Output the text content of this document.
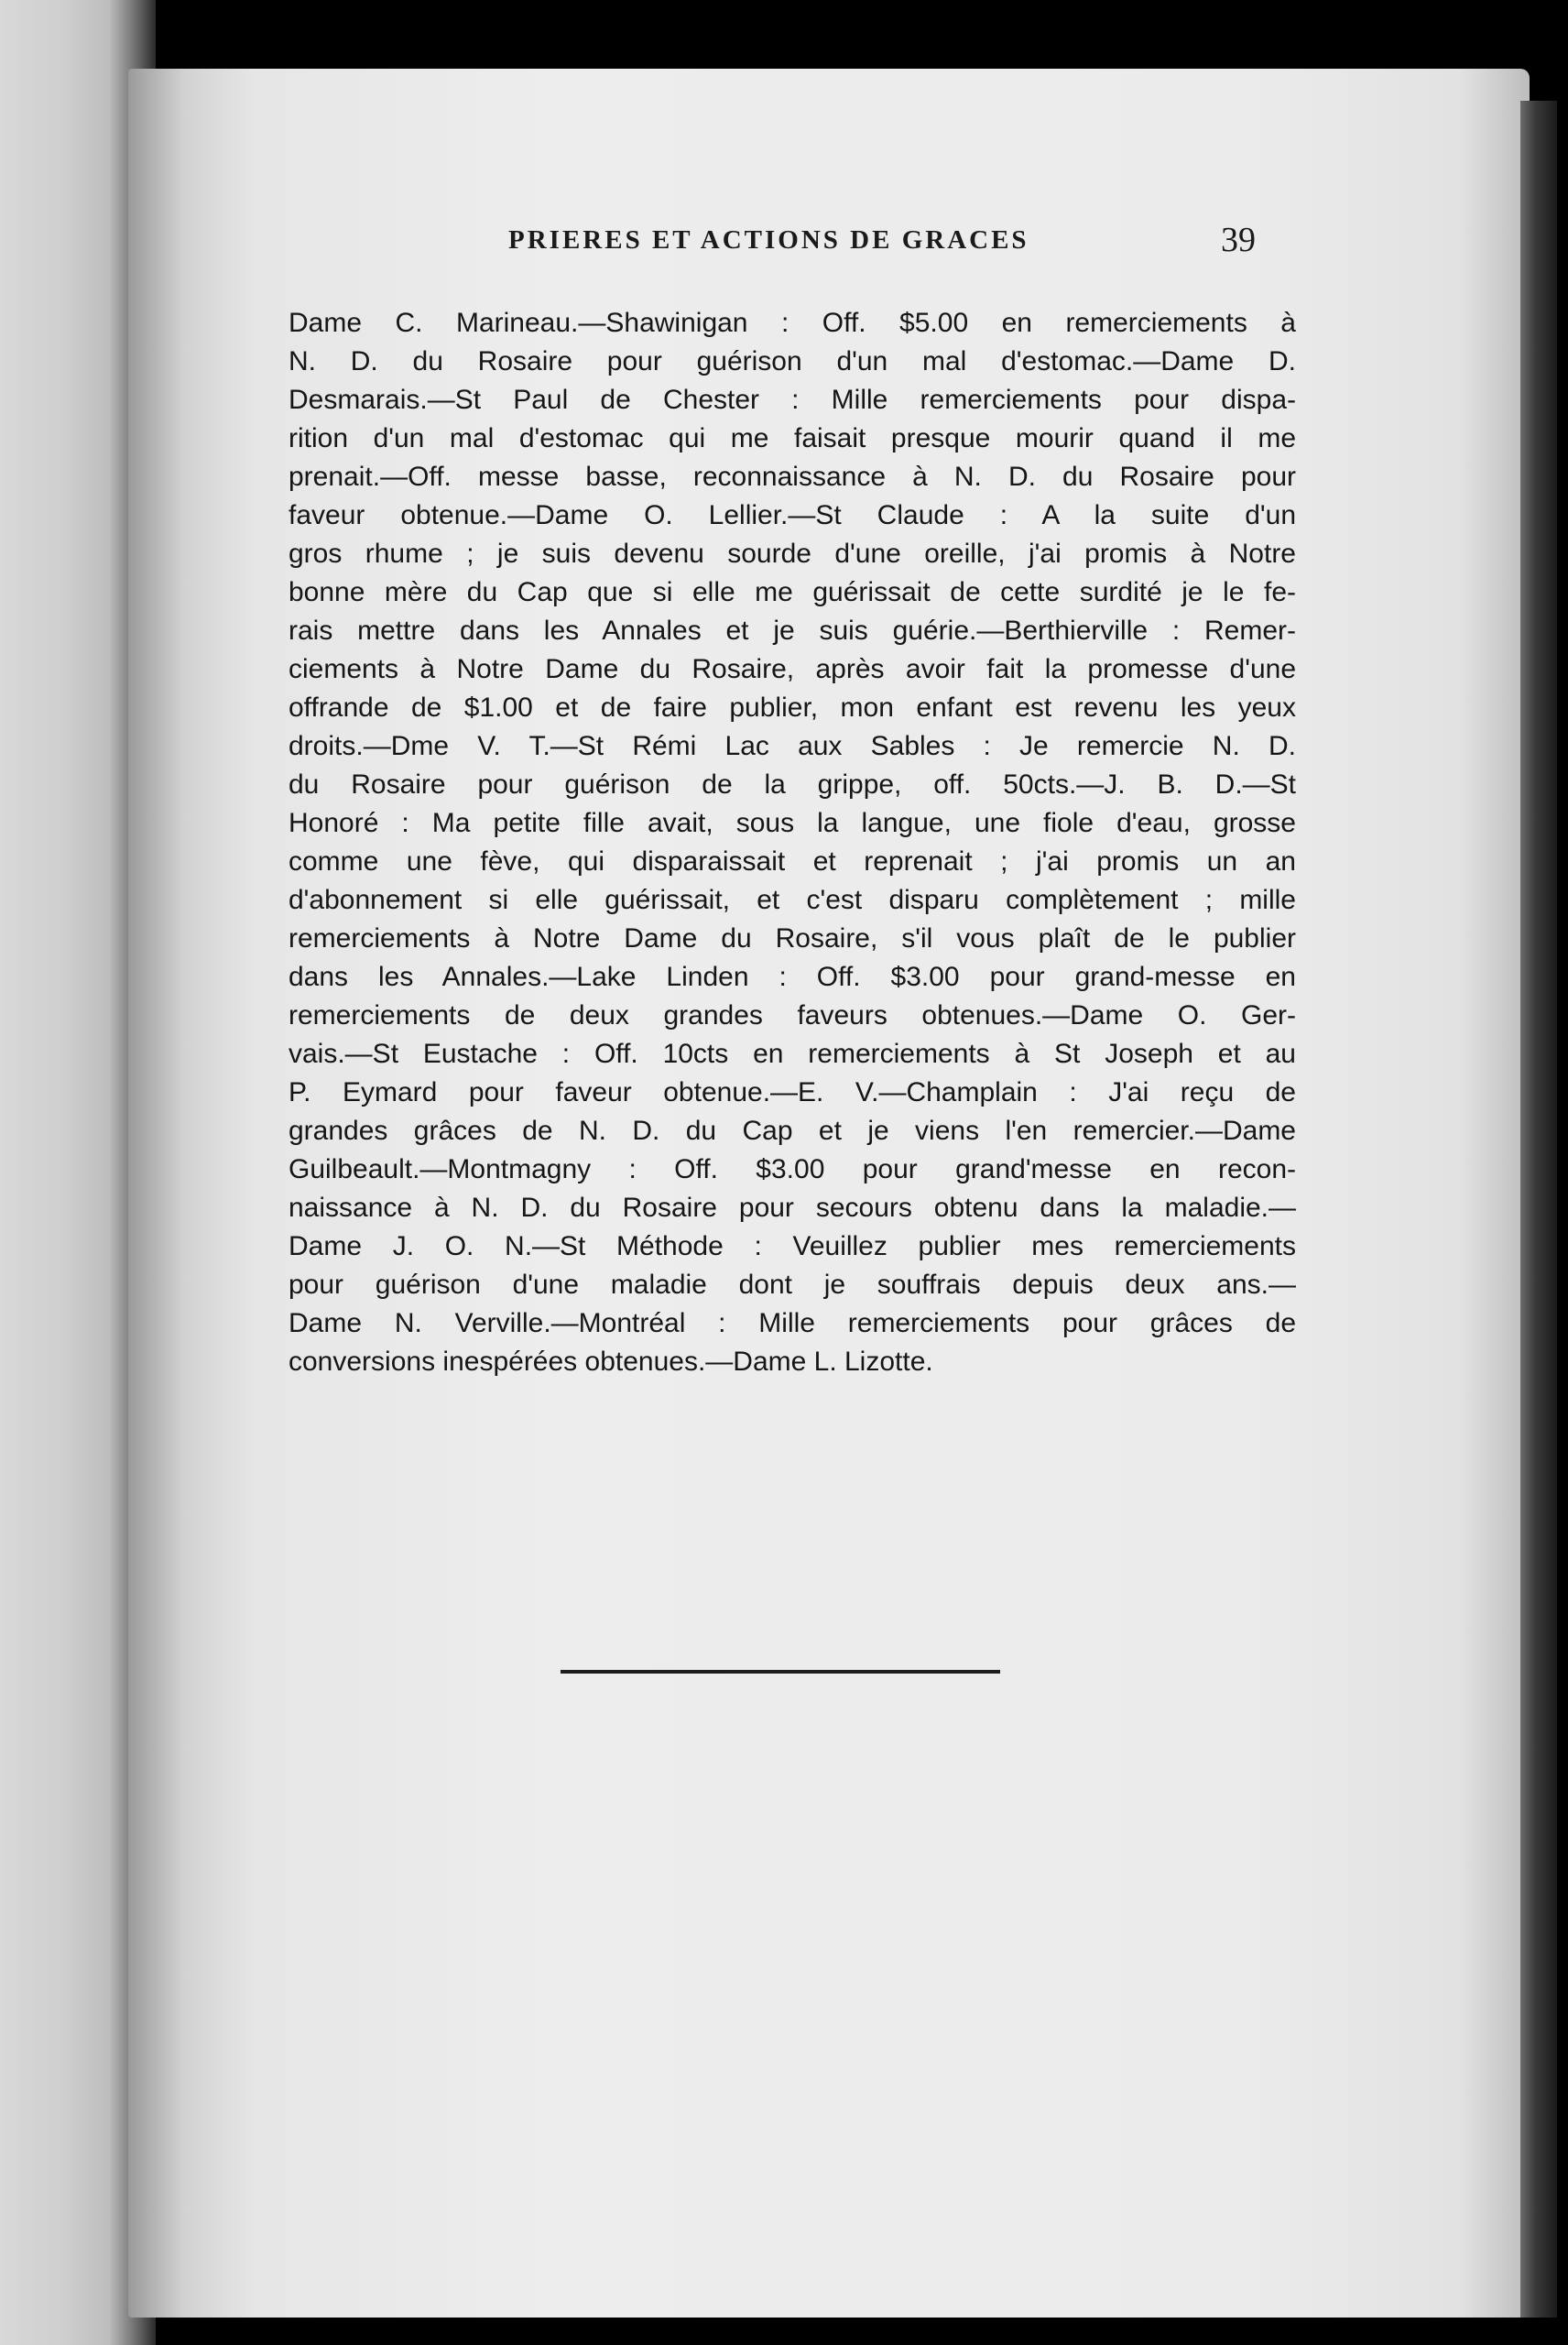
PRIERES ET ACTIONS DE GRACES	39
Dame C. Marineau.—Shawinigan : Off. $5.00 en remerciements à
N. D. du Rosaire pour guérison d'un mal d'estomac.—Dame D.
Desmarais.—St Paul de Chester : Mille remerciements pour dispa-
rition d'un mal d'estomac qui me faisait presque mourir quand il me
prenait.—Off. messe basse, reconnaissance à N. D. du Rosaire pour
faveur obtenue.—Dame O. Lellier.—St Claude : A la suite d'un
gros rhume ; je suis devenu sourde d'une oreille, j'ai promis à Notre
bonne mère du Cap que si elle me guérissait de cette surdité je le fe-
rais mettre dans les Annales et je suis guérie.—Berthierville : Remer-
ciements à Notre Dame du Rosaire, après avoir fait la promesse d'une
offrande de $1.00 et de faire publier, mon enfant est revenu les yeux
droits.—Dme V. T.—St Rémi Lac aux Sables : Je remercie N. D.
du Rosaire pour guérison de la grippe, off. 50cts.—J. B. D.—St
Honoré : Ma petite fille avait, sous la langue, une fiole d'eau, grosse
comme une fève, qui disparaissait et reprenait ; j'ai promis un an
d'abonnement si elle guérissait, et c'est disparu complètement ; mille
remerciements à Notre Dame du Rosaire, s'il vous plaît de le publier
dans les Annales.—Lake Linden : Off. $3.00 pour grand-messe en
remerciements de deux grandes faveurs obtenues.—Dame O. Ger-
vais.—St Eustache : Off. 10cts en remerciements à St Joseph et au
P. Eymard pour faveur obtenue.—E. V.—Champlain : J'ai reçu de
grandes grâces de N. D. du Cap et je viens l'en remercier.—Dame
Guilbeault.—Montmagny : Off. $3.00 pour grand'messe en recon-
naissance à N. D. du Rosaire pour secours obtenu dans la maladie.—
Dame J. O. N.—St Méthode : Veuillez publier mes remerciements
pour guérison d'une maladie dont je souffrais depuis deux ans.—
Dame N. Verville.—Montréal : Mille remerciements pour grâces de
conversions inespérées obtenues.—Dame L. Lizotte.
